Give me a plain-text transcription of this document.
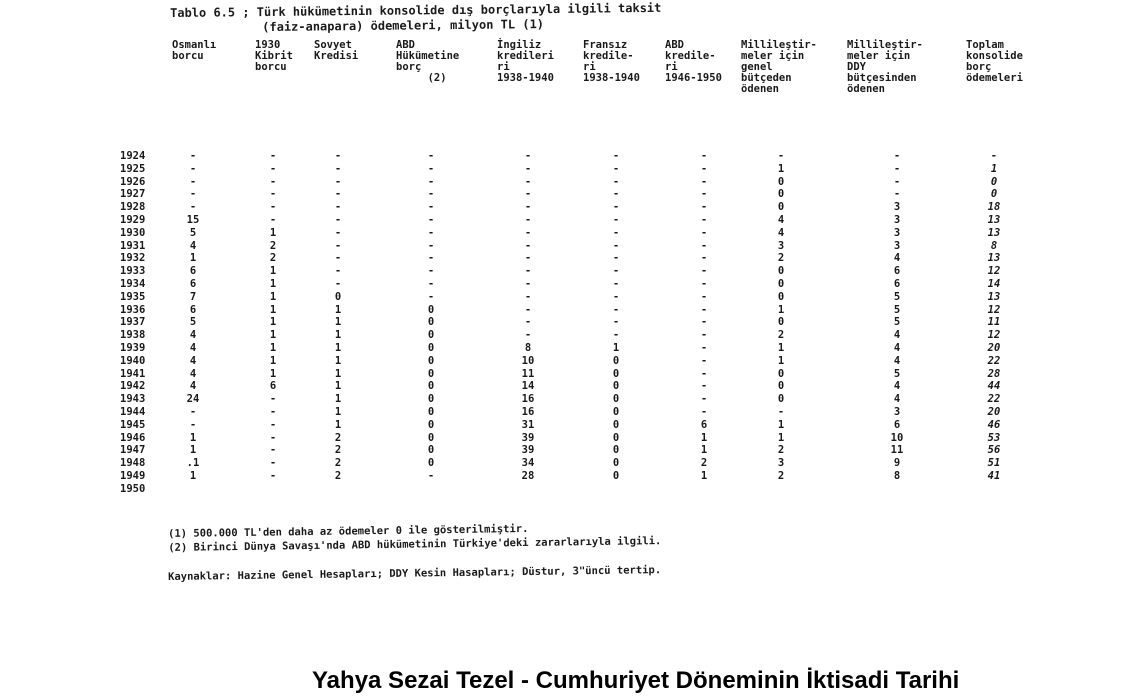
Tablo 6.5 ; Türk hükümetinin konsolide dış borçlarıyla ilgili taksit
(faiz-anapara) ödemeleri, milyon TL (1)
Osmanlı
borcu
1930
Kibrit
borcu
Sovyet
Kredisi
ABD
Hükümetine
borç
(2)
İngiliz
kredileri
ri
1938-1940
Fransız
kredile-
ri
1938-1940
ABD
kredile-
ri
1946-1950
Millileştir-
meler için
genel
bütçeden
ödenen
Millileştir-
meler için
DDY
bütçesinden
ödenen
Toplam
konsolide
borç
ödemeleri
1924
1925
1926
1927
1928
1929
1930
1931
1932
1933
1934
1935
1936
1937
1938
1939
1940
1941
1942
1943
1944
1945
1946
1947
1948
1949
1950
-
-
-
-
-
15
5
4
1
6
6
7
6
5
4
4
4
4
4
24
-
-
1
1
.1
1
-
-
-
-
-
-
1
2
2
1
1
1
1
1
1
1
1
1
6
-
-
-
-
-
-
-
-
-
-
-
-
-
-
-
-
-
-
0
1
1
1
1
1
1
1
1
1
1
2
2
2
2
-
-
-
-
-
-
-
-
-
-
-
-
0
0
0
0
0
0
0
0
0
0
0
0
0
-
-
-
-
-
-
-
-
-
-
-
-
-
-
-
-
8
10
11
14
16
16
31
39
39
34
28
-
-
-
-
-
-
-
-
-
-
-
-
-
-
-
1
0
0
0
0
0
0
0
0
0
0
-
-
-
-
-
-
-
-
-
-
-
-
-
-
-
-
-
-
-
-
-
6
1
1
2
1
-
1
0
0
0
4
4
3
2
0
0
0
1
0
2
1
1
0
0
0
-
1
1
2
3
2
-
-
-
-
3
3
3
3
4
6
6
5
5
5
4
4
4
5
4
4
3
6
10
11
9
8
-
1
0
0
18
13
13
8
13
12
14
13
12
11
12
20
22
28
44
22
20
46
53
56
51
41
(1) 500.000 TL'den daha az ödemeler 0 ile gösterilmiştir.
(2) Birinci Dünya Savaşı'nda ABD hükümetinin Türkiye'deki zararlarıyla ilgili.
Kaynaklar: Hazine Genel Hesapları; DDY Kesin Hasapları; Düstur, 3"üncü tertip.
Yahya Sezai Tezel - Cumhuriyet Döneminin İktisadi Tarihi
